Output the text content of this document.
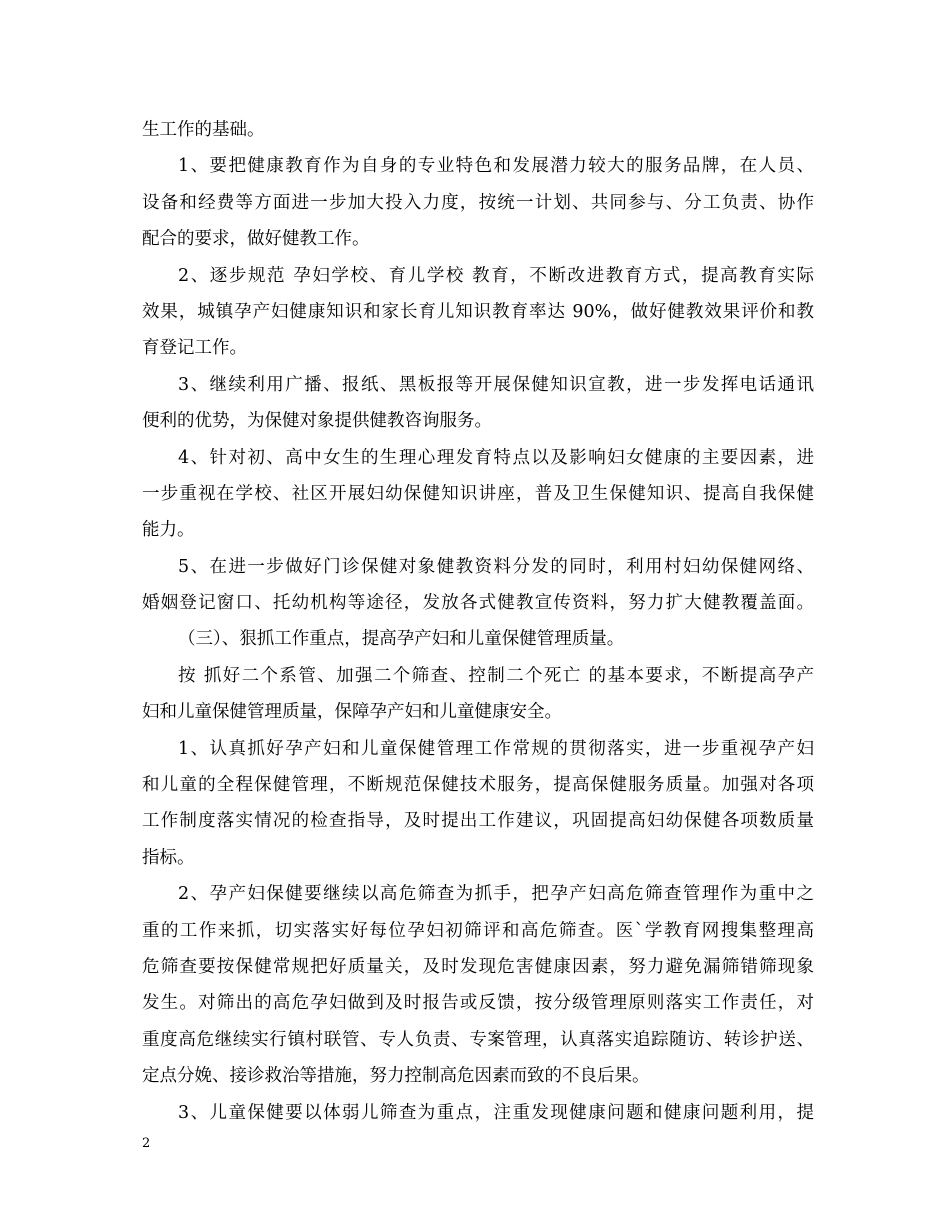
生工作的基础。
1、要把健康教育作为自身的专业特色和发展潜力较大的服务品牌，在人员、
设备和经费等方面进一步加大投入力度，按统一计划、共同参与、分工负责、协作
配合的要求，做好健教工作。
2、逐步规范 孕妇学校、育儿学校 教育，不断改进教育方式，提高教育实际
效果，城镇孕产妇健康知识和家长育儿知识教育率达 90%，做好健教效果评价和教
育登记工作。
3、继续利用广播、报纸、黑板报等开展保健知识宣教，进一步发挥电话通讯
便利的优势，为保健对象提供健教咨询服务。
4、针对初、高中女生的生理心理发育特点以及影响妇女健康的主要因素，进
一步重视在学校、社区开展妇幼保健知识讲座，普及卫生保健知识、提高自我保健
能力。
5、在进一步做好门诊保健对象健教资料分发的同时，利用村妇幼保健网络、
婚姻登记窗口、托幼机构等途径，发放各式健教宣传资料，努力扩大健教覆盖面。
（三）、狠抓工作重点，提高孕产妇和儿童保健管理质量。
按 抓好二个系管、加强二个筛查、控制二个死亡 的基本要求，不断提高孕产
妇和儿童保健管理质量，保障孕产妇和儿童健康安全。
1、认真抓好孕产妇和儿童保健管理工作常规的贯彻落实，进一步重视孕产妇
和儿童的全程保健管理，不断规范保健技术服务，提高保健服务质量。加强对各项
工作制度落实情况的检查指导，及时提出工作建议，巩固提高妇幼保健各项数质量
指标。
2、孕产妇保健要继续以高危筛查为抓手，把孕产妇高危筛查管理作为重中之
重的工作来抓，切实落实好每位孕妇初筛评和高危筛查。医`学教育网搜集整理高
危筛查要按保健常规把好质量关，及时发现危害健康因素，努力避免漏筛错筛现象
发生。对筛出的高危孕妇做到及时报告或反馈，按分级管理原则落实工作责任，对
重度高危继续实行镇村联管、专人负责、专案管理，认真落实追踪随访、转诊护送、
定点分娩、接诊救治等措施，努力控制高危因素而致的不良后果。
3、儿童保健要以体弱儿筛查为重点，注重发现健康问题和健康问题利用，提
2
